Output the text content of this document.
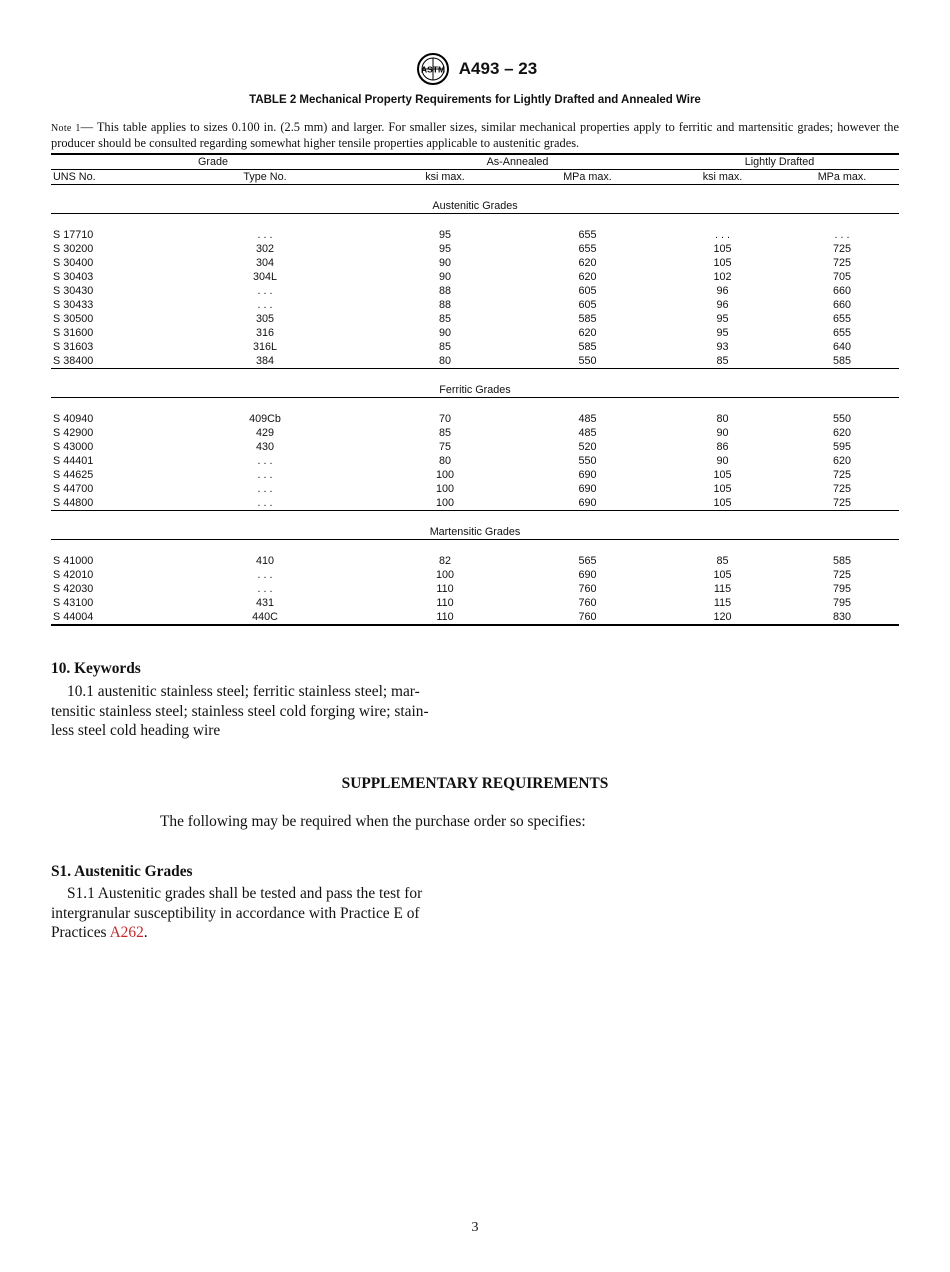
ASTM A493 – 23
TABLE 2 Mechanical Property Requirements for Lightly Drafted and Annealed Wire
Note 1— This table applies to sizes 0.100 in. (2.5 mm) and larger. For smaller sizes, similar mechanical properties apply to ferritic and martensitic grades; however the producer should be consulted regarding somewhat higher tensile properties applicable to austenitic grades.
Grade		As-Annealed		Lightly Drafted	
UNS No.	Type No.	ksi max.	MPa max.	ksi max.	MPa max.

Austenitic Grades					

S 17710	. . .	95	655	. . .	. . .
S 30200	302	95	655	105	725
S 30400	304	90	620	105	725
S 30403	304L	90	620	102	705
S 30430	. . .	88	605	96	660
S 30433	. . .	88	605	96	660
S 30500	305	85	585	95	655
S 31600	316	90	620	95	655
S 31603	316L	85	585	93	640
S 38400	384	80	550	85	585

Ferritic Grades					

S 40940	409Cb	70	485	80	550
S 42900	429	85	485	90	620
S 43000	430	75	520	86	595
S 44401	. . .	80	550	90	620
S 44625	. . .	100	690	105	725
S 44700	. . .	100	690	105	725
S 44800	. . .	100	690	105	725

Martensitic Grades					

S 41000	410	82	565	85	585
S 42010	. . .	100	690	105	725
S 42030	. . .	110	760	115	795
S 43100	431	110	760	115	795
S 44004	440C	110	760	120	830
10. Keywords
10.1 austenitic stainless steel; ferritic stainless steel; mar-
tensitic stainless steel; stainless steel cold forging wire; stain-
less steel cold heading wire
SUPPLEMENTARY REQUIREMENTS
The following may be required when the purchase order so specifies:
S1. Austenitic Grades
S1.1 Austenitic grades shall be tested and pass the test for
intergranular susceptibility in accordance with Practice E of
Practices A262.
3
